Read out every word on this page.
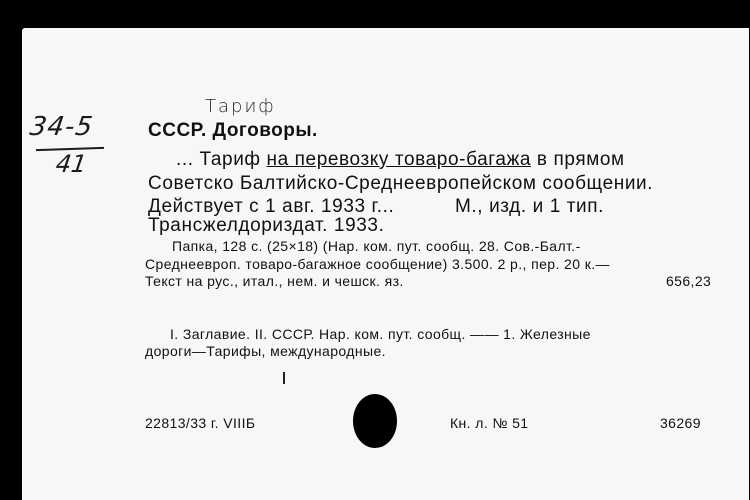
34-5
41
Тариф
СССР. Договоры.
... Тариф на перевозку товаро-багажа в прямом
Советско Балтийско-Среднеевропейском сообщении.
Действует с 1 авг. 1933 г...	М., изд. и 1 тип.
Трансжелдориздат. 1933.
Папка, 128 с. (25×18) (Нар. ком. пут. сообщ. 28. Сов.-Балт.-
Среднеевроп. товаро-багажное сообщение) 3.500. 2 р., пер. 20 к.—
Текст на рус., итал., нем. и чешск. яз.	656,23
I. Заглавие. II. СССР. Нар. ком. пут. сообщ. —— 1. Железные
дороги—Тарифы, международные.
22813/33 г. VIIIБ	Кн. л. № 51	36269
